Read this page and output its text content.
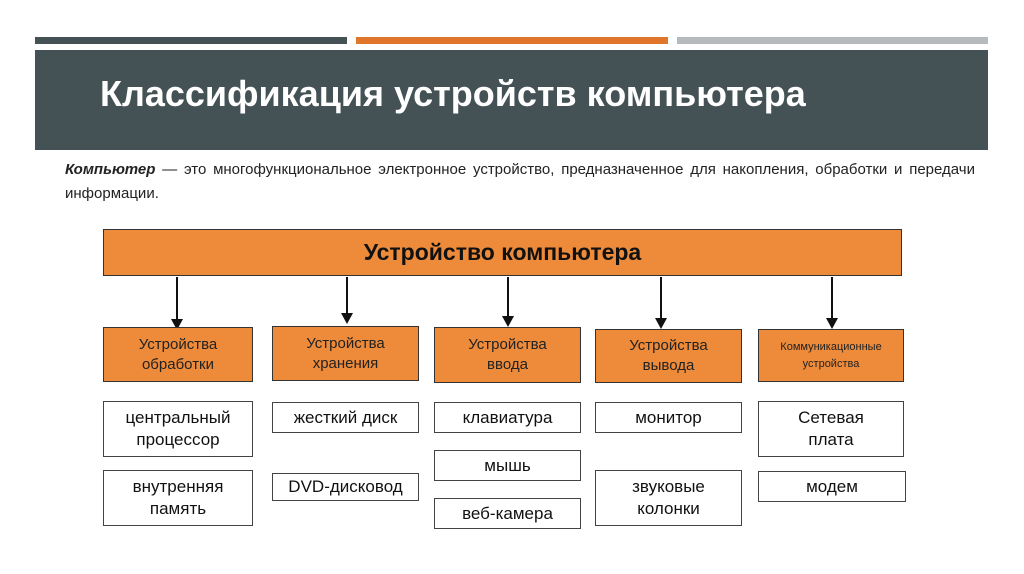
Классификация устройств компьютера
Компьютер — это многофункциональное электронное устройство, предназначенное для накопления, обработки и передачи информации.
Устройство компьютера
Устройства обработки
Устройства хранения
Устройства ввода
Устройства вывода
Коммуникационные устройства
центральный процессор
внутренняя память
жесткий диск
DVD-дисковод
клавиатура
мышь
веб-камера
монитор
звуковые колонки
Сетевая плата
модем
